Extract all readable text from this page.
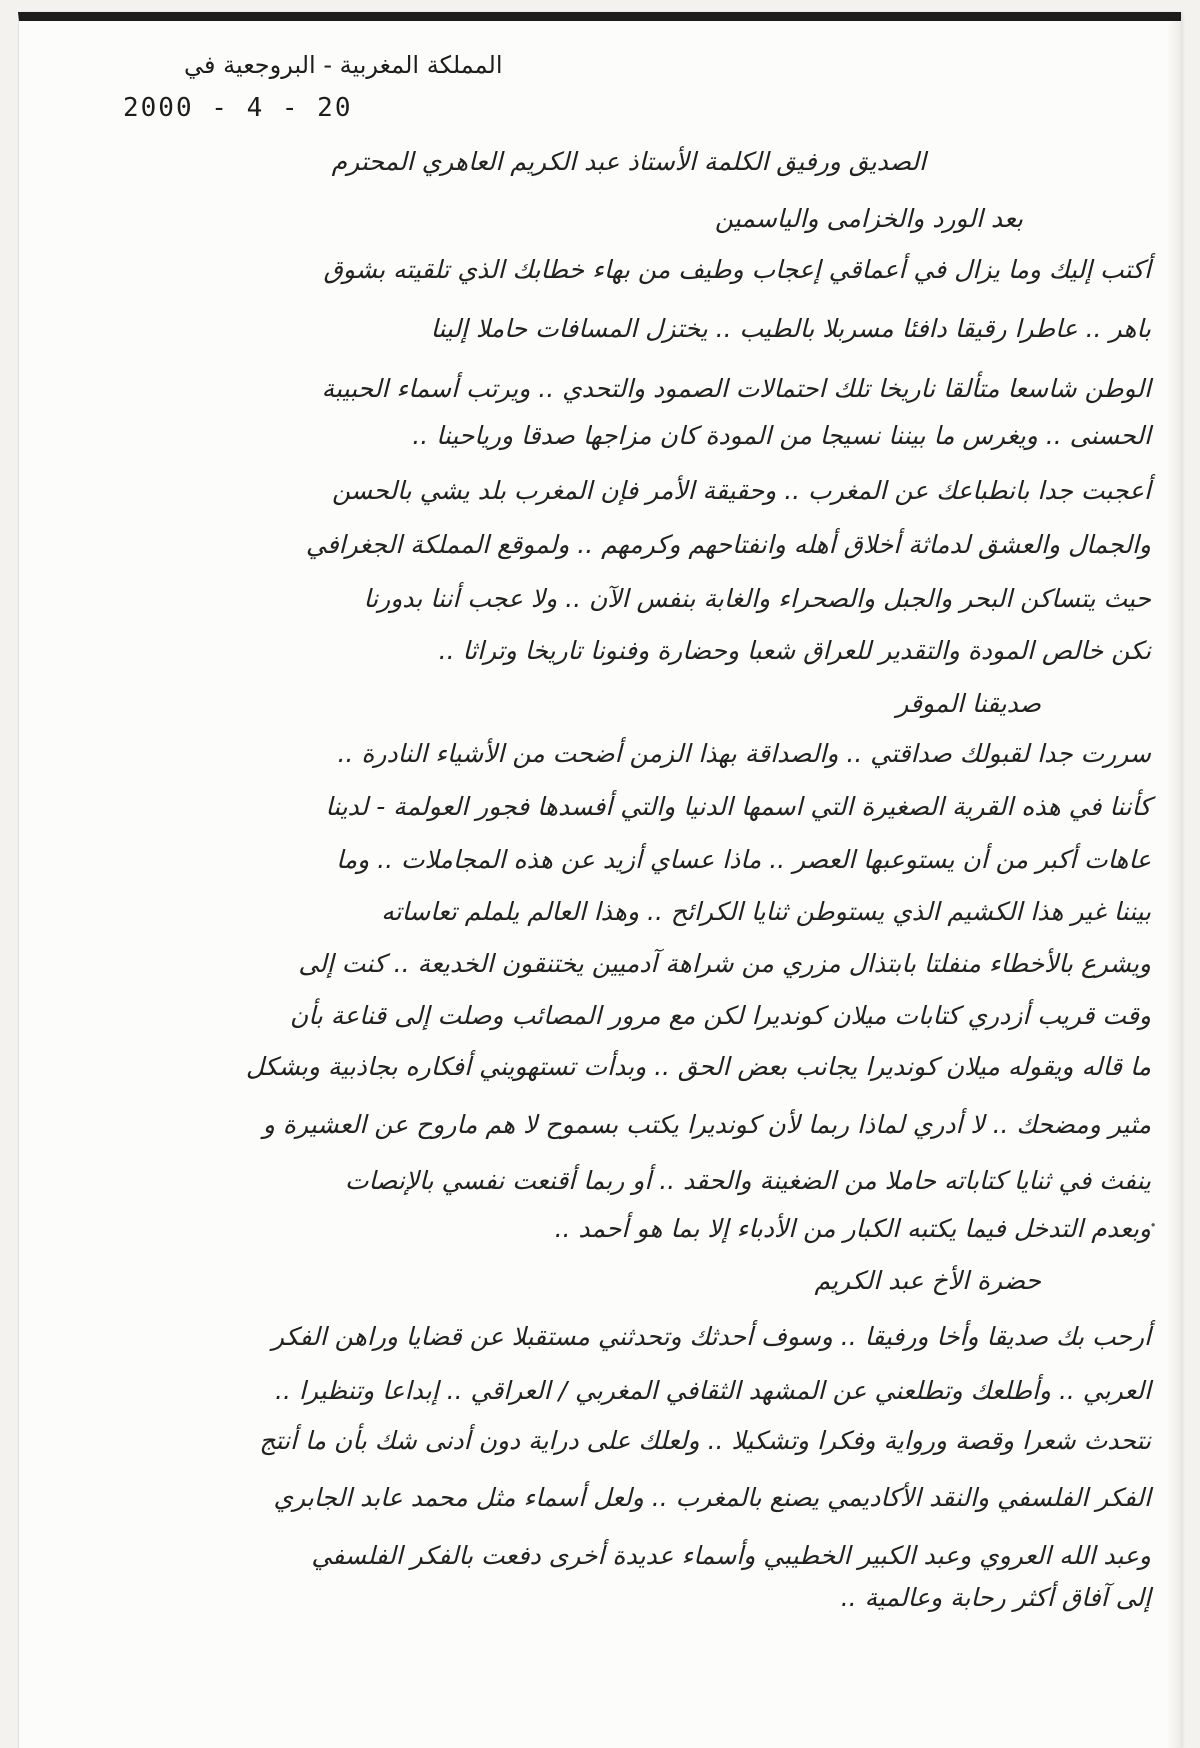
المملكة المغربية - البروجعية في
2000 - 4 - 20
الصديق ورفيق الكلمة الأستاذ عبد الكريم العاهري المحترم
بعد الورد والخزامى والياسمين
أكتب إليك وما يزال في أعماقي إعجاب وطيف من بهاء خطابك الذي تلقيته بشوق
باهر .. عاطرا رقيقا دافئا مسربلا بالطيب .. يختزل المسافات حاملا إلينا
الوطن شاسعا متألقا ناريخا تلك احتمالات الصمود والتحدي .. ويرتب أسماء الحبيبة
الحسنى .. ويغرس ما بيننا نسيجا من المودة كان مزاجها صدقا ورياحينا ..
أعجبت جدا بانطباعك عن المغرب .. وحقيقة الأمر فإن المغرب بلد يشي بالحسن
والجمال والعشق لدماثة أخلاق أهله وانفتاحهم وكرمهم .. ولموقع المملكة الجغرافي
حيث يتساكن البحر والجبل والصحراء والغابة بنفس الآن .. ولا عجب أننا بدورنا
نكن خالص المودة والتقدير للعراق شعبا وحضارة وفنونا تاريخا وتراثا ..
صديقنا الموقر
سررت جدا لقبولك صداقتي .. والصداقة بهذا الزمن أضحت من الأشياء النادرة ..
كأننا في هذه القرية الصغيرة التي اسمها الدنيا والتي أفسدها فجور العولمة - لدينا
عاهات أكبر من أن يستوعبها العصر .. ماذا عساي أزيد عن هذه المجاملات .. وما
بيننا غير هذا الكشيم الذي يستوطن ثنايا الكرائح .. وهذا العالم يلملم تعاساته
ويشرع بالأخطاء منفلتا بابتذال مزري من شراهة آدميين يختنقون الخديعة .. كنت إلى
وقت قريب أزدري كتابات ميلان كونديرا لكن مع مرور المصائب وصلت إلى قناعة بأن
ما قاله ويقوله ميلان كونديرا يجانب بعض الحق .. وبدأت تستهويني أفكاره بجاذبية وبشكل
مثير ومضحك .. لا أدري لماذا ربما لأن كونديرا يكتب بسموح لا هم ماروح عن العشيرة و
ينفث في ثنايا كتاباته حاملا من الضغينة والحقد .. أو ربما أقنعت نفسي بالإنصات
وبعدم التدخل فيما يكتبه الكبار من الأدباء إلا بما هو أحمد ..
حضرة الأخ عبد الكريم
أرحب بك صديقا وأخا ورفيقا .. وسوف أحدثك وتحدثني مستقبلا عن قضايا وراهن الفكر
العربي .. وأطلعك وتطلعني عن المشهد الثقافي المغربي / العراقي .. إبداعا وتنظيرا ..
نتحدث شعرا وقصة ورواية وفكرا وتشكيلا .. ولعلك على دراية دون أدنى شك بأن ما أنتج
الفكر الفلسفي والنقد الأكاديمي يصنع بالمغرب .. ولعل أسماء مثل محمد عابد الجابري
وعبد الله العروي وعبد الكبير الخطيبي وأسماء عديدة أخرى دفعت بالفكر الفلسفي
إلى آفاق أكثر رحابة وعالمية ..
·
